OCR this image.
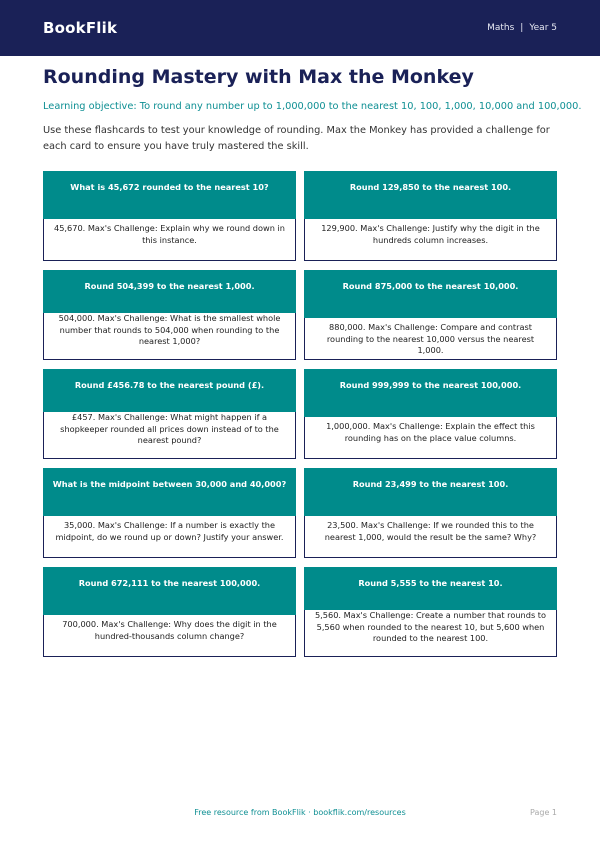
BookFlik	Maths | Year 5
Rounding Mastery with Max the Monkey

Learning objective: To round any number up to 1,000,000 to the nearest 10, 100, 1,000, 10,000 and 100,000.

Use these flashcards to test your knowledge of rounding. Max the Monkey has provided a challenge for each card to ensure you have truly mastered the skill.

What is 45,672 rounded to the nearest 10?
45,670. Max's Challenge: Explain why we round down in this instance.
Round 129,850 to the nearest 100.
129,900. Max's Challenge: Justify why the digit in the hundreds column increases.
Round 504,399 to the nearest 1,000.
504,000. Max's Challenge: What is the smallest whole number that rounds to 504,000 when rounding to the nearest 1,000?
Round 875,000 to the nearest 10,000.
880,000. Max's Challenge: Compare and contrast rounding to the nearest 10,000 versus the nearest 1,000.
Round £456.78 to the nearest pound (£).
£457. Max's Challenge: What might happen if a shopkeeper rounded all prices down instead of to the nearest pound?
Round 999,999 to the nearest 100,000.
1,000,000. Max's Challenge: Explain the effect this rounding has on the place value columns.
What is the midpoint between 30,000 and 40,000?
35,000. Max's Challenge: If a number is exactly the midpoint, do we round up or down? Justify your answer.
Round 23,499 to the nearest 100.
23,500. Max's Challenge: If we rounded this to the nearest 1,000, would the result be the same? Why?
Round 672,111 to the nearest 100,000.
700,000. Max's Challenge: Why does the digit in the hundred-thousands column change?
Round 5,555 to the nearest 10.
5,560. Max's Challenge: Create a number that rounds to 5,560 when rounded to the nearest 10, but 5,600 when rounded to the nearest 100.
Free resource from BookFlik · bookflik.com/resources	Page 1
